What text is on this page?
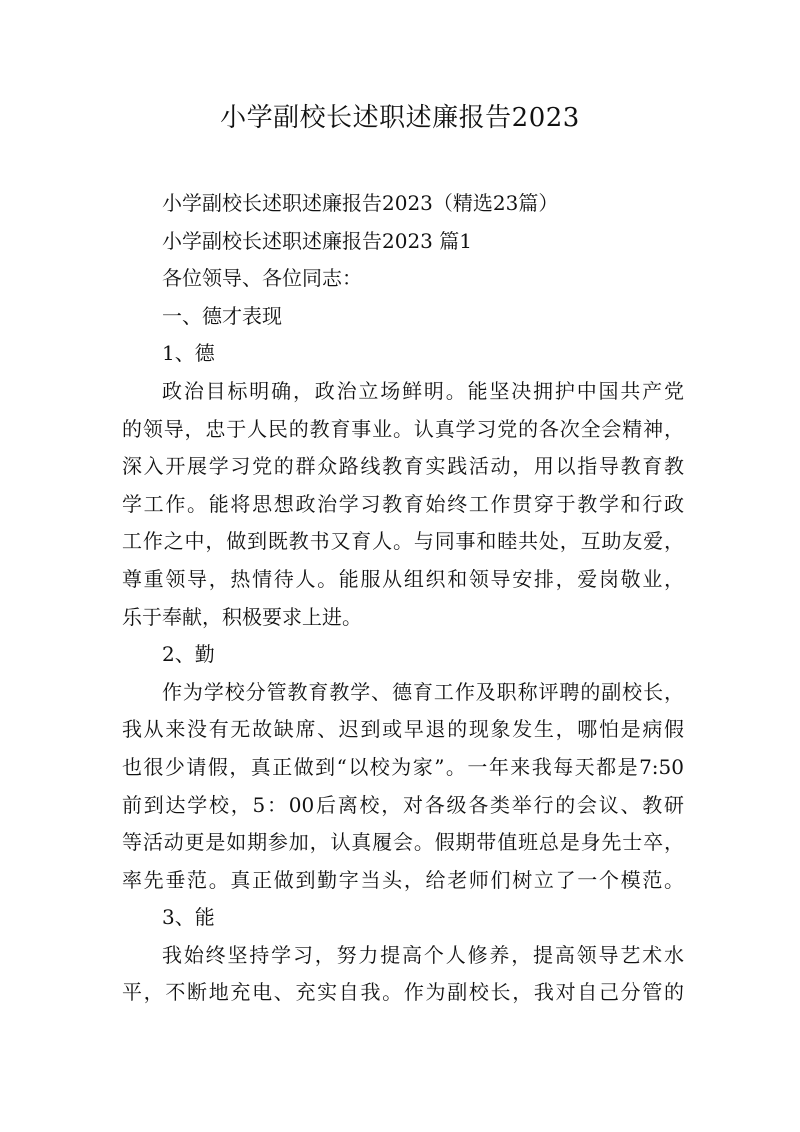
小学副校长述职述廉报告2023

小学副校长述职述廉报告2023（精选23篇）

小学副校长述职述廉报告2023 篇1

各位领导、各位同志：

一、德才表现

1、德

政治目标明确，政治立场鲜明。能坚决拥护中国共产党

的领导，忠于人民的教育事业。认真学习党的各次全会精神，

深入开展学习党的群众路线教育实践活动，用以指导教育教

学工作。能将思想政治学习教育始终工作贯穿于教学和行政

工作之中，做到既教书又育人。与同事和睦共处，互助友爱，

尊重领导，热情待人。能服从组织和领导安排，爱岗敬业，

乐于奉献，积极要求上进。

2、勤

作为学校分管教育教学、德育工作及职称评聘的副校长，

我从来没有无故缺席、迟到或早退的现象发生，哪怕是病假

也很少请假，真正做到“以校为家”。一年来我每天都是7:50

前到达学校，5：00后离校，对各级各类举行的会议、教研

等活动更是如期参加，认真履会。假期带值班总是身先士卒，

率先垂范。真正做到勤字当头，给老师们树立了一个模范。

3、能

我始终坚持学习，努力提高个人修养，提高领导艺术水

平，不断地充电、充实自我。作为副校长，我对自己分管的
